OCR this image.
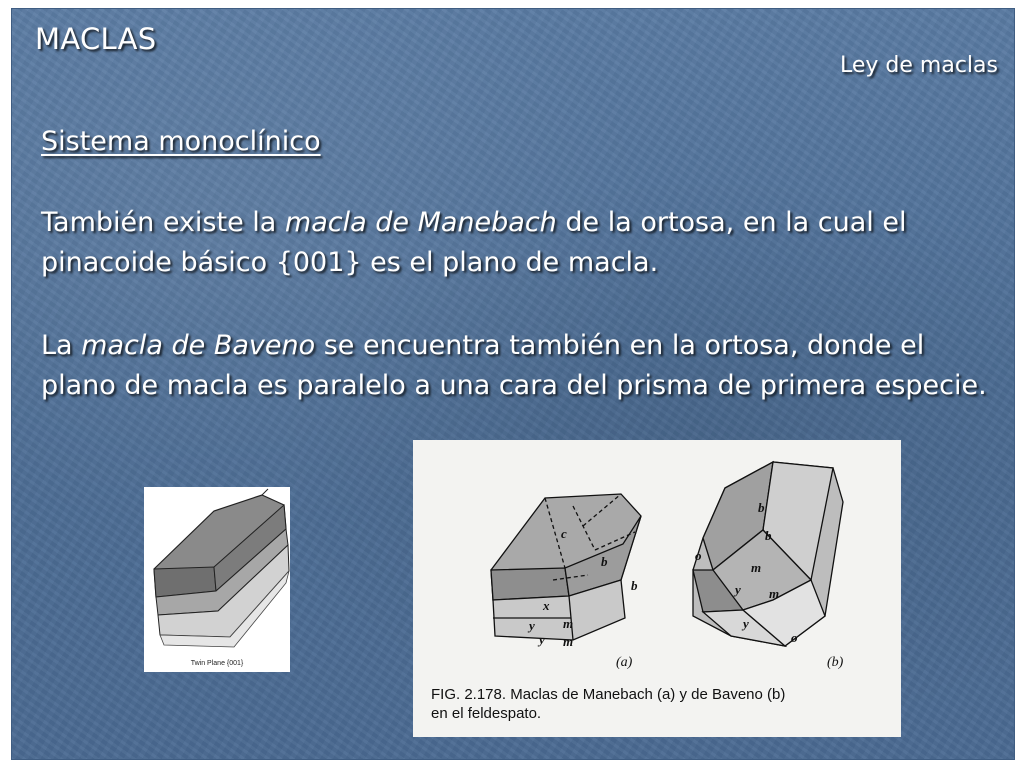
MACLAS
Ley de maclas
Sistema monoclínico
También existe la macla de Manebach de la ortosa, en la cual el pinacoide básico {001} es el plano de macla.
La macla de Baveno se encuentra también en la ortosa, donde el plano de macla es paralelo a una cara del prisma de primera especie.
Twin Plane {001}
c
b
b
x
y m
y m
b
b
o
m
y m
y
o
(a)	(b)
FIG. 2.178. Maclas de Manebach (a) y de Baveno (b)
en el feldespato.
